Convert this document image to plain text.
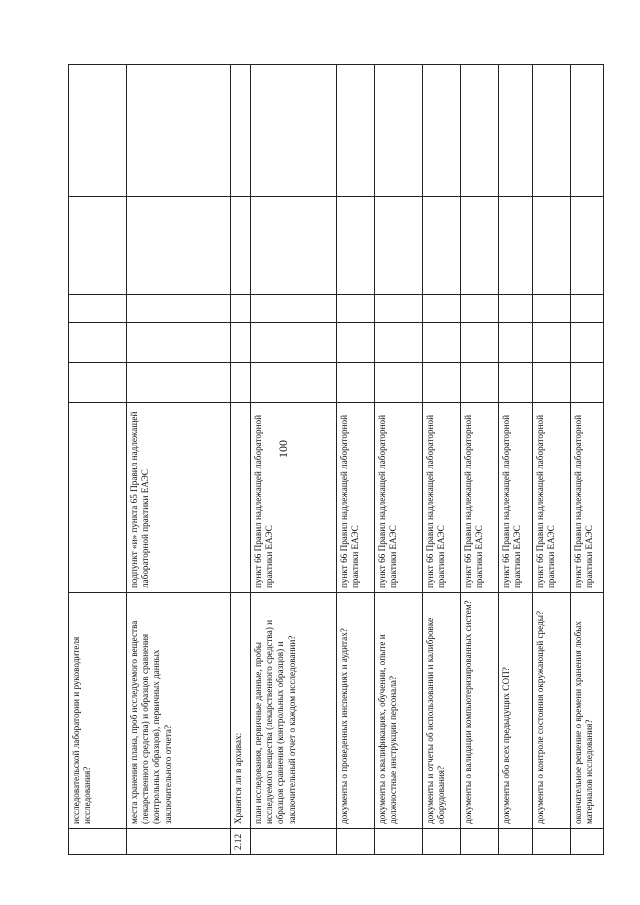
100
	исследовательской лаборатории и руководителя исследования?						
	места хранения плана, проб исследуемого вещества (лекарственного средства) и образцов сравнения (контрольных образцов), первичных данных заключительного отчета?	подпункт «и» пункта 65 Правил надлежащей лабораторной практики ЕАЭС					
2.12	Хранятся ли в архивах:						
	план исследования, первичные данные, пробы исследуемого вещества (лекарственного средства) и образцов сравнения (контрольных образцов) и заключительный отчет о каждом исследовании?	пункт 66 Правил надлежащей лабораторной практики ЕАЭС					
	документы о проведенных инспекциях и аудитах?	пункт 66 Правил надлежащей лабораторной практики ЕАЭС					
	документы о квалификациях, обучении, опыте и должностные инструкции персонала?	пункт 66 Правил надлежащей лабораторной практики ЕАЭС					
	документы и отчеты об использовании и калибровке оборудования?	пункт 66 Правил надлежащей лабораторной практики ЕАЭС					
	документы о валидации компьютеризированных систем?	пункт 66 Правил надлежащей лабораторной практики ЕАЭС					
	документы обо всех предыдущих СОП?	пункт 66 Правил надлежащей лабораторной практики ЕАЭС					
	документы о контроле состояния окружающей среды?	пункт 66 Правил надлежащей лабораторной практики ЕАЭС					
	окончательное решение о времени хранения любых материалов исследования?	пункт 66 Правил надлежащей лабораторной практики ЕАЭС					
